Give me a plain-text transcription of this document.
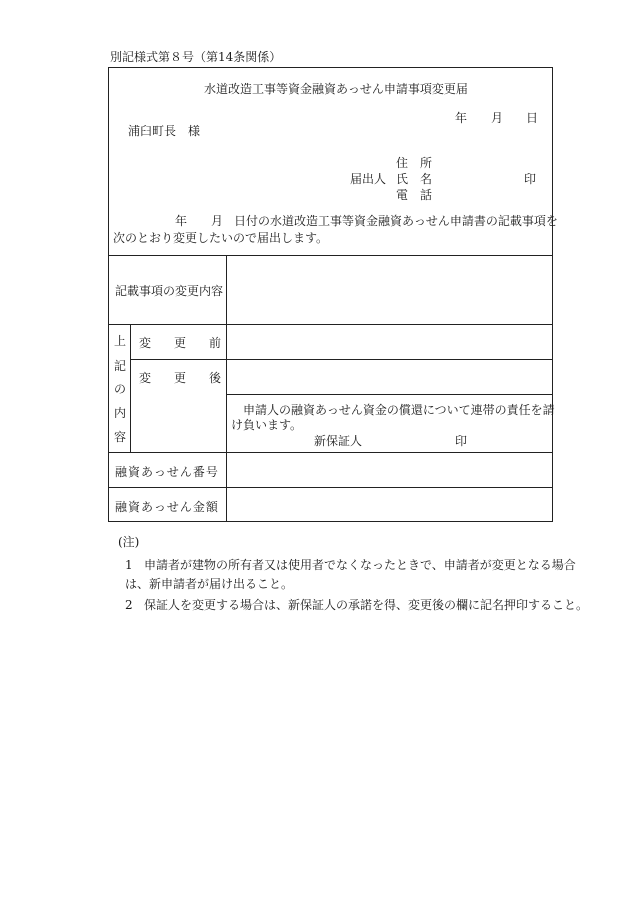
別記様式第８号（第14条関係）
水道改造工事等資金融資あっせん申請事項変更届
年 月 日
浦臼町長　様
住　所
届出人 氏　名	印
電　話
年 月 日付の水道改造工事等資金融資あっせん申請書の記載事項を
次のとおり変更したいので届出します。
記載事項の変更内容
上
記
の
内
容
変 更 前
変 更 後
申請人の融資あっせん資金の償還について連帯の責任を請
け負います。
新保証人	印
融資あっせん番号
融資あっせん金額
(注)
1 申請者が建物の所有者又は使用者でなくなったときで、申請者が変更となる場合
は、新申請者が届け出ること。
2 保証人を変更する場合は、新保証人の承諾を得、変更後の欄に記名押印すること。
